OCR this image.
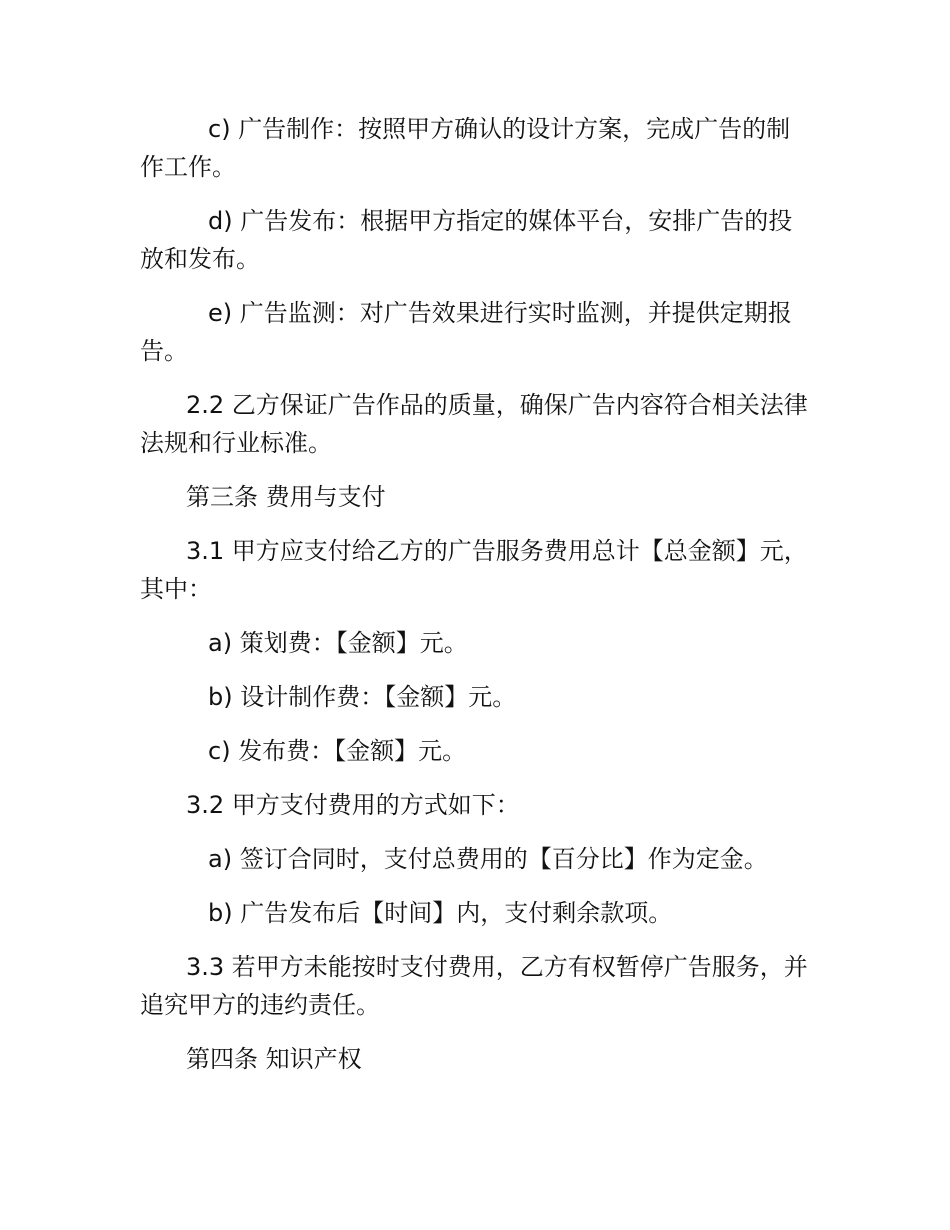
c) 广告制作：按照甲方确认的设计方案，完成广告的制作工作。

d) 广告发布：根据甲方指定的媒体平台，安排广告的投放和发布。

e) 广告监测：对广告效果进行实时监测，并提供定期报告。

2.2 乙方保证广告作品的质量，确保广告内容符合相关法律法规和行业标准。

第三条 费用与支付

3.1 甲方应支付给乙方的广告服务费用总计【总金额】元，其中：

a) 策划费：【金额】元。

b) 设计制作费：【金额】元。

c) 发布费：【金额】元。

3.2 甲方支付费用的方式如下：

a) 签订合同时，支付总费用的【百分比】作为定金。

b) 广告发布后【时间】内，支付剩余款项。

3.3 若甲方未能按时支付费用，乙方有权暂停广告服务，并追究甲方的违约责任。

第四条 知识产权
